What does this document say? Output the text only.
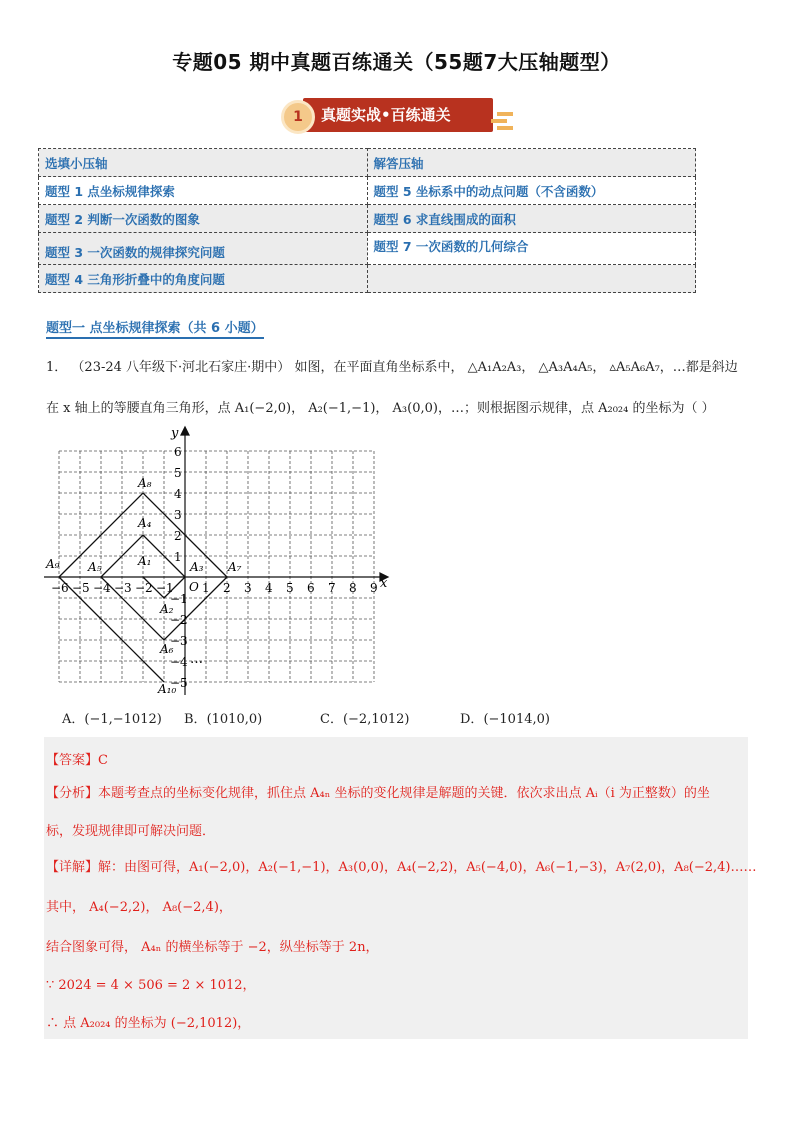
专题05 期中真题百练通关（55题7大压轴题型）
1	真题实战•百练通关
选填小压轴	解答压轴
题型 1 点坐标规律探索	题型 5 坐标系中的动点问题（不含函数）
题型 2 判断一次函数的图象	题型 6 求直线围成的面积
题型 3 一次函数的规律探究问题	题型 7 一次函数的几何综合
题型 4 三角形折叠中的角度问题	
题型一 点坐标规律探索（共 6 小题）
1． （23-24 八年级下·河北石家庄·期中） 如图，在平面直角坐标系中， △A₁A₂A₃， △A₃A₄A₅， ▵A₅A₆A₇，…都是斜边
在 x 轴上的等腰直角三角形，点 A₁(−2,0)， A₂(−1,−1)， A₃(0,0)，…；则根据图示规律，点 A₂₀₂₄ 的坐标为（ ）
−6 −5 −4 −3 −2 −1 1 2 3 4 5 6 7 8 9
6
5
4
3
2
1
−1
−2
−3
−4
−5
x
y
O
…
A₁
A₂
A₃
A₄
A₅
A₆
A₇
A₈
A₉
A₁₀
A．(−1,−1012) B．(1010,0)	C．(−2,1012)	D．(−1014,0)
【答案】C
【分析】本题考查点的坐标变化规律，抓住点 A₄ₙ 坐标的变化规律是解题的关键．依次求出点 Aᵢ（i 为正整数）的坐
标，发现规律即可解决问题．
【详解】解：由图可得，A₁(−2,0)，A₂(−1,−1)，A₃(0,0)，A₄(−2,2)，A₅(−4,0)，A₆(−1,−3)，A₇(2,0)，A₈(−2,4)……
其中， A₄(−2,2)， A₈(−2,4)，
结合图象可得， A₄ₙ 的横坐标等于 −2，纵坐标等于 2n，
∵ 2024 = 4 × 506 = 2 × 1012，
∴ 点 A₂₀₂₄ 的坐标为 (−2,1012)，
